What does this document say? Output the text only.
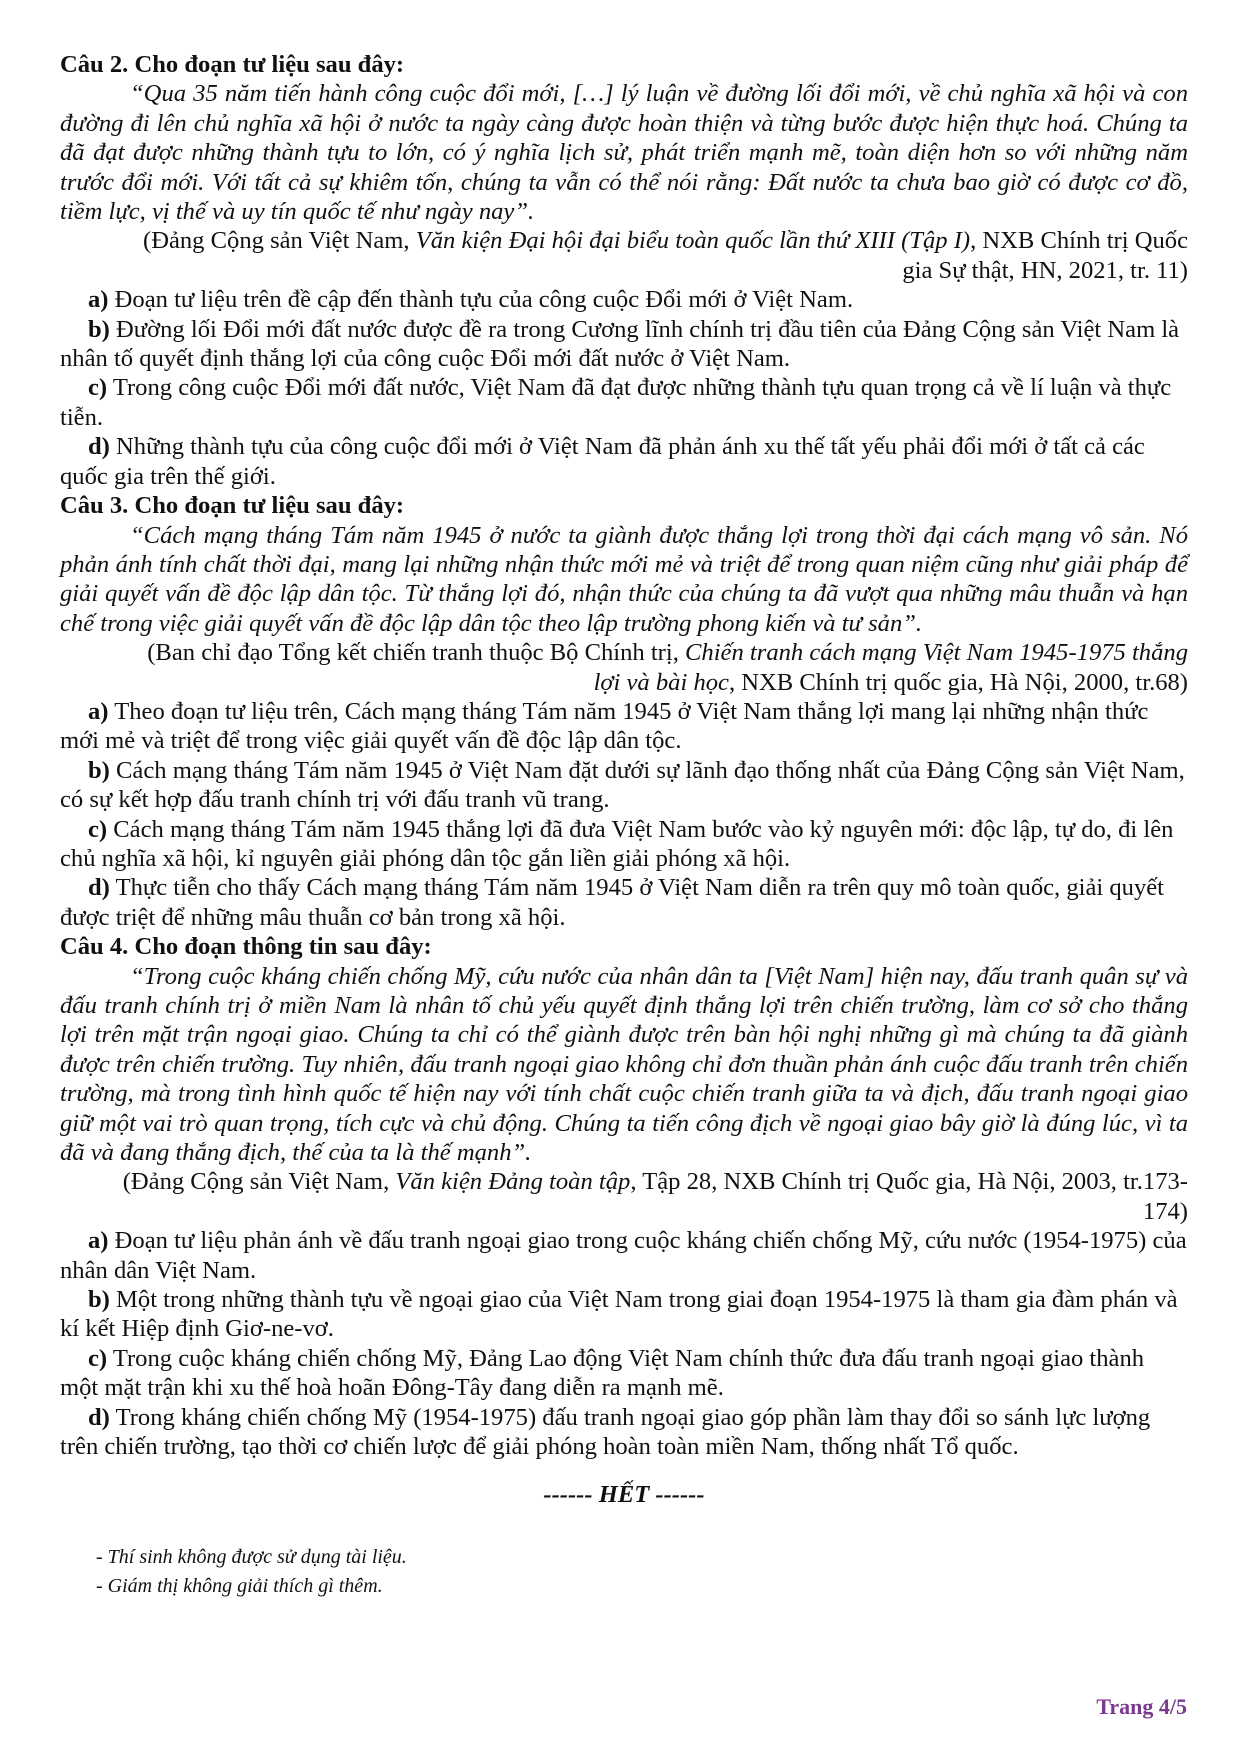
Câu 2. Cho đoạn tư liệu sau đây:

“Qua 35 năm tiến hành công cuộc đổi mới, […] lý luận về đường lối đổi mới, về chủ nghĩa xã hội và con đường đi lên chủ nghĩa xã hội ở nước ta ngày càng được hoàn thiện và từng bước được hiện thực hoá. Chúng ta đã đạt được những thành tựu to lớn, có ý nghĩa lịch sử, phát triển mạnh mẽ, toàn diện hơn so với những năm trước đổi mới. Với tất cả sự khiêm tốn, chúng ta vẫn có thể nói rằng: Đất nước ta chưa bao giờ có được cơ đồ, tiềm lực, vị thế và uy tín quốc tế như ngày nay”.

(Đảng Cộng sản Việt Nam, Văn kiện Đại hội đại biểu toàn quốc lần thứ XIII (Tập I), NXB Chính trị Quốc gia Sự thật, HN, 2021, tr. 11)

a) Đoạn tư liệu trên đề cập đến thành tựu của công cuộc Đổi mới ở Việt Nam.

b) Đường lối Đổi mới đất nước được đề ra trong Cương lĩnh chính trị đầu tiên của Đảng Cộng sản Việt Nam là nhân tố quyết định thắng lợi của công cuộc Đổi mới đất nước ở Việt Nam.

c) Trong công cuộc Đổi mới đất nước, Việt Nam đã đạt được những thành tựu quan trọng cả về lí luận và thực tiễn.

d) Những thành tựu của công cuộc đổi mới ở Việt Nam đã phản ánh xu thế tất yếu phải đổi mới ở tất cả các quốc gia trên thế giới.

Câu 3. Cho đoạn tư liệu sau đây:

“Cách mạng tháng Tám năm 1945 ở nước ta giành được thắng lợi trong thời đại cách mạng vô sản. Nó phản ánh tính chất thời đại, mang lại những nhận thức mới mẻ và triệt để trong quan niệm cũng như giải pháp để giải quyết vấn đề độc lập dân tộc. Từ thắng lợi đó, nhận thức của chúng ta đã vượt qua những mâu thuẫn và hạn chế trong việc giải quyết vấn đề độc lập dân tộc theo lập trường phong kiến và tư sản”.

(Ban chỉ đạo Tổng kết chiến tranh thuộc Bộ Chính trị, Chiến tranh cách mạng Việt Nam 1945-1975 thắng lợi và bài học, NXB Chính trị quốc gia, Hà Nội, 2000, tr.68)

a) Theo đoạn tư liệu trên, Cách mạng tháng Tám năm 1945 ở Việt Nam thắng lợi mang lại những nhận thức mới mẻ và triệt để trong việc giải quyết vấn đề độc lập dân tộc.

b) Cách mạng tháng Tám năm 1945 ở Việt Nam đặt dưới sự lãnh đạo thống nhất của Đảng Cộng sản Việt Nam, có sự kết hợp đấu tranh chính trị với đấu tranh vũ trang.

c) Cách mạng tháng Tám năm 1945 thắng lợi đã đưa Việt Nam bước vào kỷ nguyên mới: độc lập, tự do, đi lên chủ nghĩa xã hội, kỉ nguyên giải phóng dân tộc gắn liền giải phóng xã hội.

d) Thực tiễn cho thấy Cách mạng tháng Tám năm 1945 ở Việt Nam diễn ra trên quy mô toàn quốc, giải quyết được triệt để những mâu thuẫn cơ bản trong xã hội.

Câu 4. Cho đoạn thông tin sau đây:

“Trong cuộc kháng chiến chống Mỹ, cứu nước của nhân dân ta [Việt Nam] hiện nay, đấu tranh quân sự và đấu tranh chính trị ở miền Nam là nhân tố chủ yếu quyết định thắng lợi trên chiến trường, làm cơ sở cho thắng lợi trên mặt trận ngoại giao. Chúng ta chỉ có thể giành được trên bàn hội nghị những gì mà chúng ta đã giành được trên chiến trường. Tuy nhiên, đấu tranh ngoại giao không chỉ đơn thuần phản ánh cuộc đấu tranh trên chiến trường, mà trong tình hình quốc tế hiện nay với tính chất cuộc chiến tranh giữa ta và địch, đấu tranh ngoại giao giữ một vai trò quan trọng, tích cực và chủ động. Chúng ta tiến công địch về ngoại giao bây giờ là đúng lúc, vì ta đã và đang thắng địch, thế của ta là thế mạnh”.

(Đảng Cộng sản Việt Nam, Văn kiện Đảng toàn tập, Tập 28, NXB Chính trị Quốc gia, Hà Nội, 2003, tr.173-174)

a) Đoạn tư liệu phản ánh về đấu tranh ngoại giao trong cuộc kháng chiến chống Mỹ, cứu nước (1954-1975) của nhân dân Việt Nam.

b) Một trong những thành tựu về ngoại giao của Việt Nam trong giai đoạn 1954-1975 là tham gia đàm phán và kí kết Hiệp định Giơ-ne-vơ.

c) Trong cuộc kháng chiến chống Mỹ, Đảng Lao động Việt Nam chính thức đưa đấu tranh ngoại giao thành một mặt trận khi xu thế hoà hoãn Đông-Tây đang diễn ra mạnh mẽ.

d) Trong kháng chiến chống Mỹ (1954-1975) đấu tranh ngoại giao góp phần làm thay đổi so sánh lực lượng trên chiến trường, tạo thời cơ chiến lược để giải phóng hoàn toàn miền Nam, thống nhất Tổ quốc.

------ HẾT ------

- Thí sinh không được sử dụng tài liệu.
- Giám thị không giải thích gì thêm.
Trang 4/5
